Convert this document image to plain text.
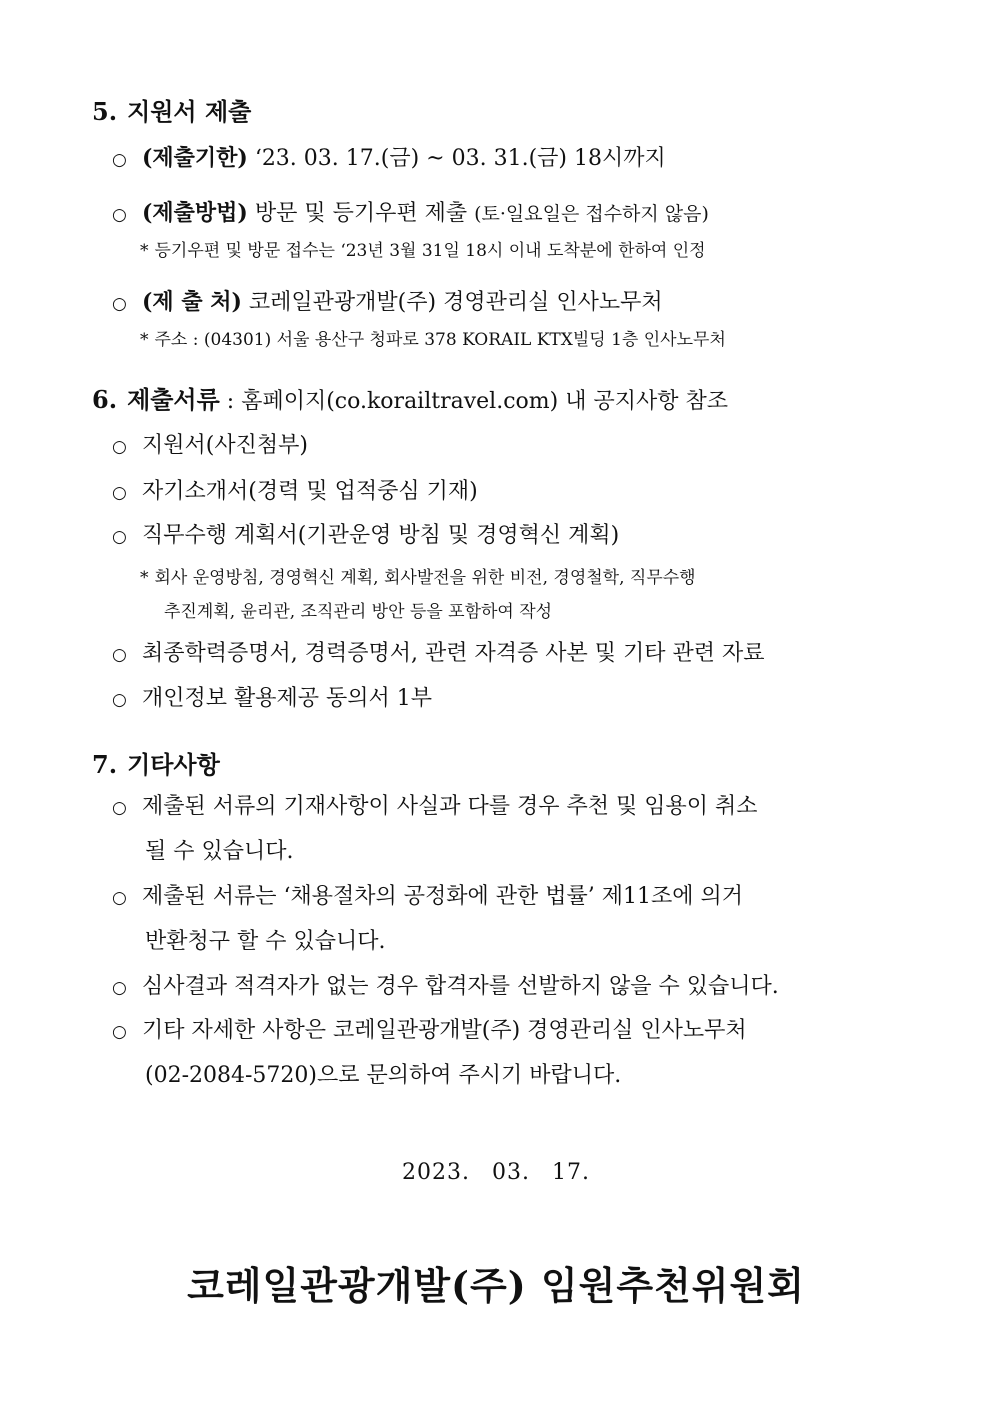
5. 지원서 제출
○ (제출기한) ‘23. 03. 17.(금) ~ 03. 31.(금) 18시까지
○ (제출방법) 방문 및 등기우편 제출 (토·일요일은 접수하지 않음)
* 등기우편 및 방문 접수는 ‘23년 3월 31일 18시 이내 도착분에 한하여 인정
○ (제 출 처) 코레일관광개발(주) 경영관리실 인사노무처
* 주소 : (04301) 서울 용산구 청파로 378 KORAIL KTX빌딩 1층 인사노무처
6. 제출서류 : 홈페이지(co.korailtravel.com) 내 공지사항 참조
○ 지원서(사진첨부)
○ 자기소개서(경력 및 업적중심 기재)
○ 직무수행 계획서(기관운영 방침 및 경영혁신 계획)
* 회사 운영방침, 경영혁신 계획, 회사발전을 위한 비전, 경영철학, 직무수행
추진계획, 윤리관, 조직관리 방안 등을 포함하여 작성
○ 최종학력증명서, 경력증명서, 관련 자격증 사본 및 기타 관련 자료
○ 개인정보 활용제공 동의서 1부
7. 기타사항
○ 제출된 서류의 기재사항이 사실과 다를 경우 추천 및 임용이 취소
될 수 있습니다.
○ 제출된 서류는 ‘채용절차의 공정화에 관한 법률’ 제11조에 의거
반환청구 할 수 있습니다.
○ 심사결과 적격자가 없는 경우 합격자를 선발하지 않을 수 있습니다.
○ 기타 자세한 사항은 코레일관광개발(주) 경영관리실 인사노무처
(02-2084-5720)으로 문의하여 주시기 바랍니다.
2023. 03. 17.
코레일관광개발(주) 임원추천위원회
